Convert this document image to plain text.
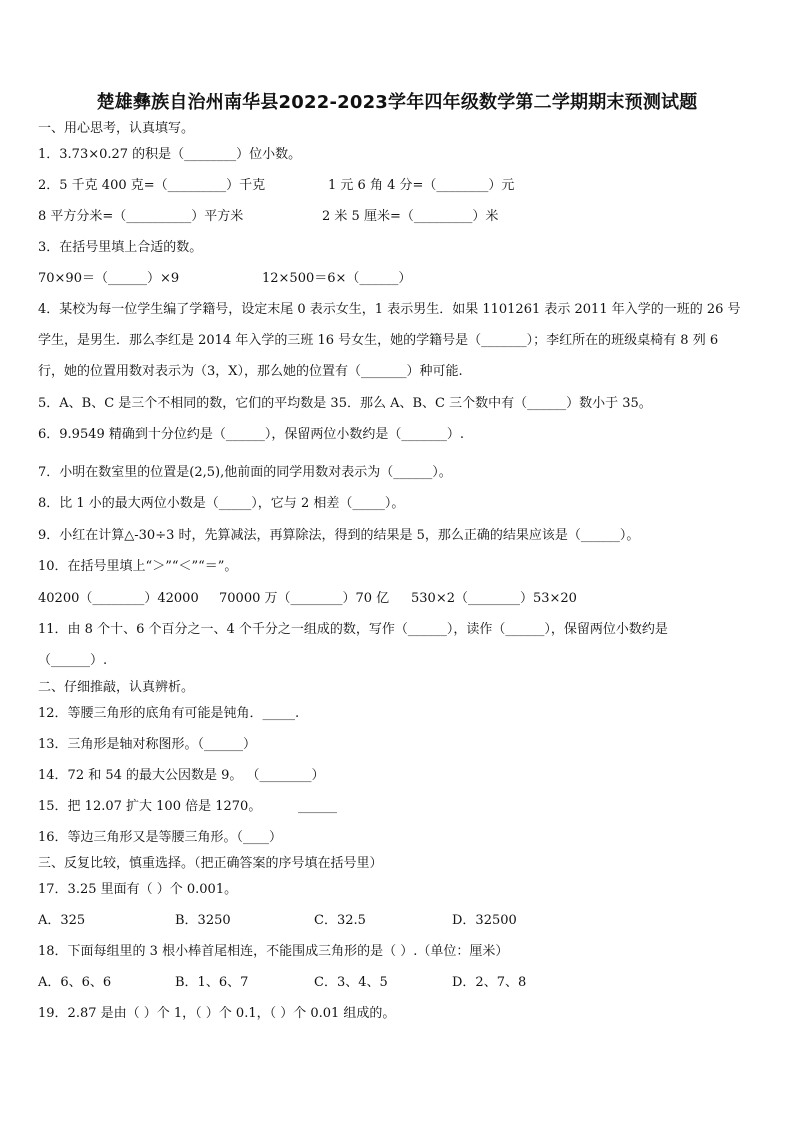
楚雄彝族自治州南华县2022-2023学年四年级数学第二学期期末预测试题
一、用心思考，认真填写。
1．3.73×0.27 的积是（________）位小数。
2．5 千克 400 克=（_________）千克	1 元 6 角 4 分=（________）元
8 平方分米=（__________）平方米	2 米 5 厘米=（_________）米
3．在括号里填上合适的数。
70×90＝（______）×9	12×500＝6×（______）
4．某校为每一位学生编了学籍号，设定末尾 0 表示女生，1 表示男生．如果 1101261 表示 2011 年入学的一班的 26 号
学生，是男生．那么李红是 2014 年入学的三班 16 号女生，她的学籍号是（_______）；李红所在的班级桌椅有 8 列 6
行，她的位置用数对表示为（3，X），那么她的位置有（_______）种可能.
5．A、B、C 是三个不相同的数，它们的平均数是 35．那么 A、B、C 三个数中有（______）数小于 35。
6．9.9549 精确到十分位约是（______），保留两位小数约是（_______）.
7．小明在数室里的位置是(2,5),他前面的同学用数对表示为（______）。
8．比 1 小的最大两位小数是（_____），它与 2 相差（_____）。
9．小红在计算△-30÷3 时，先算减法，再算除法，得到的结果是 5，那么正确的结果应该是（______）。
10．在括号里填上“＞”“＜”“＝”。
40200（________）42000 70000 万（________）70 亿 530×2（________）53×20
11．由 8 个十、6 个百分之一、4 个千分之一组成的数，写作（______），读作（______），保留两位小数约是
（______）.
二、仔细推敲，认真辨析。
12．等腰三角形的底角有可能是钝角．_____.
13．三角形是轴对称图形。（______）
14．72 和 54 的最大公因数是 9。 （________）
15．把 12.07 扩大 100 倍是 1270。	______
16．等边三角形又是等腰三角形。（____）
三、反复比较，慎重选择。（把正确答案的序号填在括号里）
17．3.25 里面有（ ）个 0.001。
A．325	B．3250	C．32.5	D．32500
18．下面每组里的 3 根小棒首尾相连，不能围成三角形的是（ ）.（单位：厘米）
A．6、6、6	B．1、6、7	C．3、4、5	D．2、7、8
19．2.87 是由（ ）个 1，（ ）个 0.1，（ ）个 0.01 组成的。
